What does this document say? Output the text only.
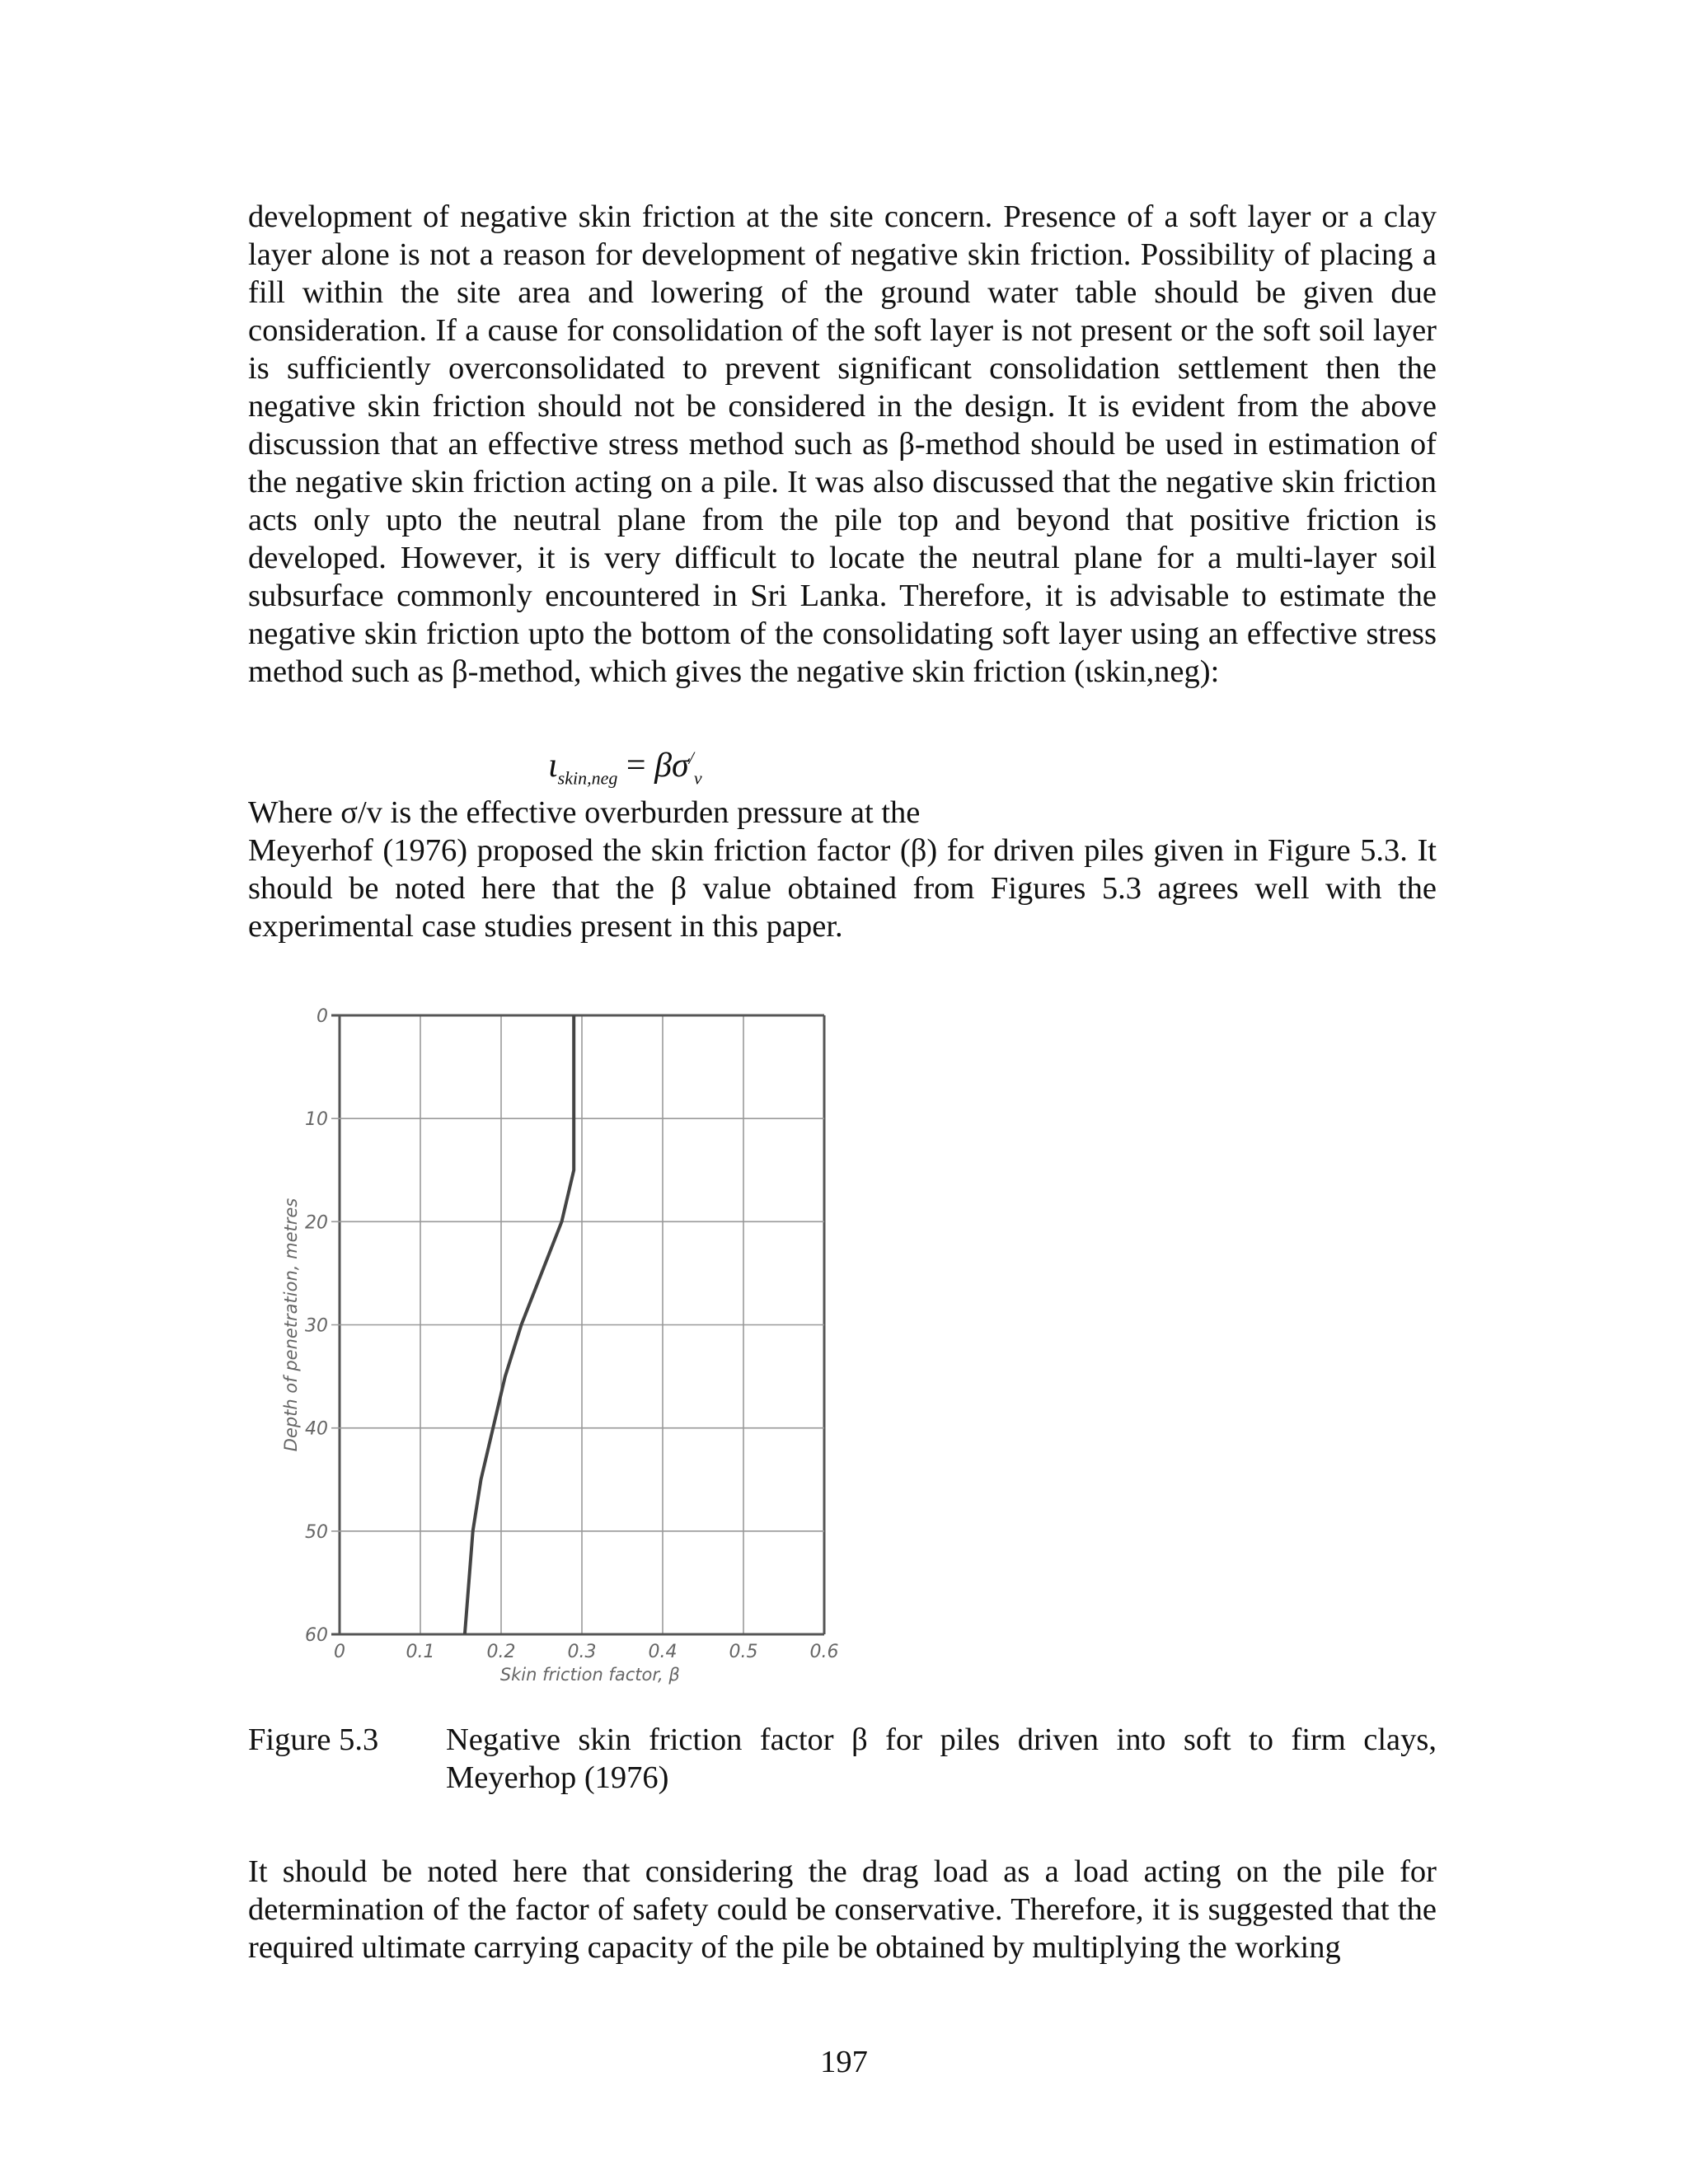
development of negative skin friction at the site concern. Presence of a soft layer or a clay layer alone is not a reason for development of negative skin friction. Possibility of placing a fill within the site area and lowering of the ground water table should be given due consideration. If a cause for consolidation of the soft layer is not present or the soft soil layer is sufficiently overconsolidated to prevent significant consolidation settlement then the negative skin friction should not be considered in the design. It is evident from the above discussion that an effective stress method such as β-method should be used in estimation of the negative skin friction acting on a pile. It was also discussed that the negative skin friction acts only upto the neutral plane from the pile top and beyond that positive friction is developed. However, it is very difficult to locate the neutral plane for a multi-layer soil subsurface commonly encountered in Sri Lanka. Therefore, it is advisable to estimate the negative skin friction upto the bottom of the consolidating soft layer using an effective stress method such as β-method, which gives the negative skin friction (ιskin,neg):

$\iota_{skin,neg} = \beta\sigma^/_v$

Where σ/v is the effective overburden pressure at the

Meyerhof (1976) proposed the skin friction factor (β) for driven piles given in Figure 5.3. It should be noted here that the β value obtained from Figures 5.3 agrees well with the experimental case studies present in this paper.

0	0.1	0.2	0.3	0.4	0.5	0.6
0
10
20
30
40
50
60
Skin friction factor, β
Depth of penetration, metres
Figure 5.3 Negative skin friction factor β for piles driven into soft to firm clays, Meyerhop (1976)

It should be noted here that considering the drag load as a load acting on the pile for determination of the factor of safety could be conservative. Therefore, it is suggested that the required ultimate carrying capacity of the pile be obtained by multiplying the working

197
